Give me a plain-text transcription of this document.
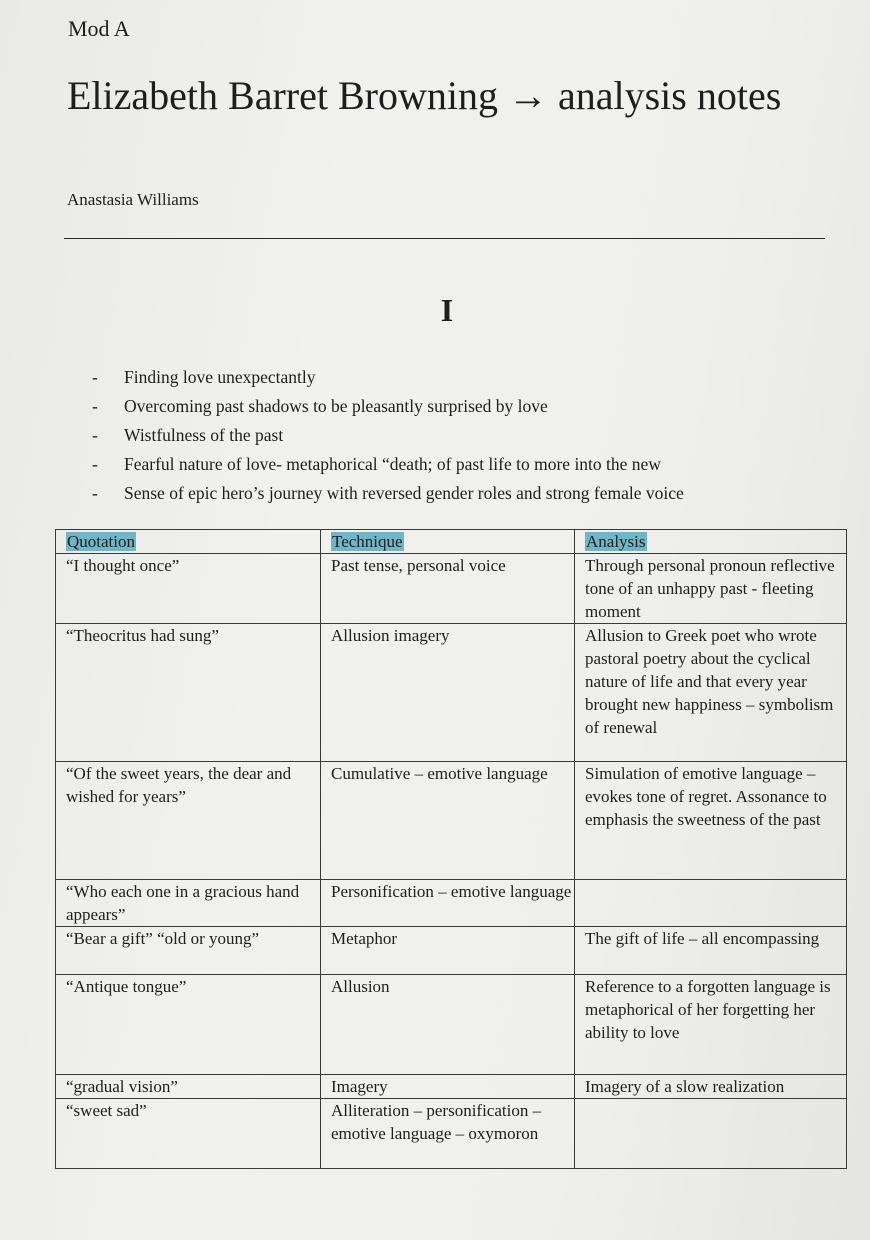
Mod A
Elizabeth Barret Browning → analysis notes
Anastasia Williams
I
- Finding love unexpectantly
- Overcoming past shadows to be pleasantly surprised by love
- Wistfulness of the past
- Fearful nature of love- metaphorical “death; of past life to more into the new
- Sense of epic hero’s journey with reversed gender roles and strong female voice
Quotation	Technique	Analysis
“I thought once”	Past tense, personal voice	Through personal pronoun reflective tone of an unhappy past - fleeting moment
“Theocritus had sung”	Allusion imagery	Allusion to Greek poet who wrote pastoral poetry about the cyclical nature of life and that every year brought new happiness – symbolism of renewal
“Of the sweet years, the dear and wished for years”	Cumulative – emotive language	Simulation of emotive language – evokes tone of regret. Assonance to emphasis the sweetness of the past
“Who each one in a gracious hand appears”	Personification – emotive language	
“Bear a gift” “old or young”	Metaphor	The gift of life – all encompassing
“Antique tongue”	Allusion	Reference to a forgotten language is metaphorical of her forgetting her ability to love
“gradual vision”	Imagery	Imagery of a slow realization
“sweet sad”	Alliteration – personification – emotive language – oxymoron	
